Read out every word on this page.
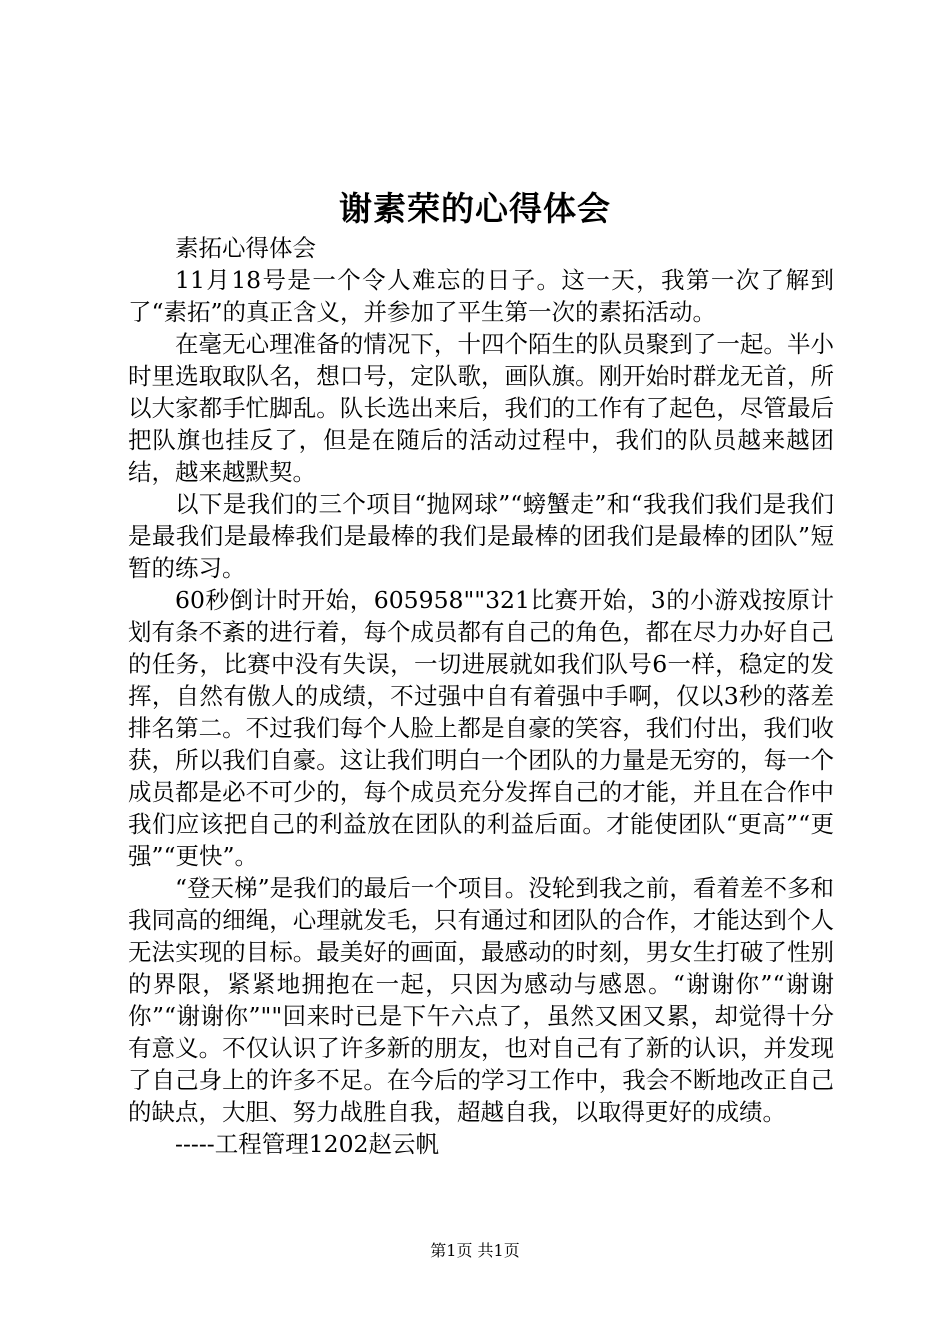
谢素荣的心得体会

素拓心得体会

11月18号是一个令人难忘的日子。这一天，我第一次了解到了“素拓”的真正含义，并参加了平生第一次的素拓活动。

在毫无心理准备的情况下，十四个陌生的队员聚到了一起。半小时里选取取队名，想口号，定队歌，画队旗。刚开始时群龙无首，所以大家都手忙脚乱。队长选出来后，我们的工作有了起色，尽管最后把队旗也挂反了，但是在随后的活动过程中，我们的队员越来越团结，越来越默契。

以下是我们的三个项目“抛网球”“螃蟹走”和“我我们我们是我们是最我们是最棒我们是最棒的我们是最棒的团我们是最棒的团队”短暂的练习。

60秒倒计时开始，605958""321比赛开始，3的小游戏按原计划有条不紊的进行着，每个成员都有自己的角色，都在尽力办好自己的任务，比赛中没有失误，一切进展就如我们队号6一样，稳定的发挥，自然有傲人的成绩，不过强中自有着强中手啊，仅以3秒的落差排名第二。不过我们每个人脸上都是自豪的笑容，我们付出，我们收获，所以我们自豪。这让我们明白一个团队的力量是无穷的，每一个成员都是必不可少的，每个成员充分发挥自己的才能，并且在合作中我们应该把自己的利益放在团队的利益后面。才能使团队“更高”“更强”“更快”。

“登天梯”是我们的最后一个项目。没轮到我之前，看着差不多和我同高的细绳，心理就发毛，只有通过和团队的合作，才能达到个人无法实现的目标。最美好的画面，最感动的时刻，男女生打破了性别的界限，紧紧地拥抱在一起，只因为感动与感恩。“谢谢你”“谢谢你”“谢谢你”""回来时已是下午六点了，虽然又困又累，却觉得十分有意义。不仅认识了许多新的朋友，也对自己有了新的认识，并发现了自己身上的许多不足。在今后的学习工作中，我会不断地改正自己的缺点，大胆、努力战胜自我，超越自我，以取得更好的成绩。

-----工程管理1202赵云帆

第1页 共1页
